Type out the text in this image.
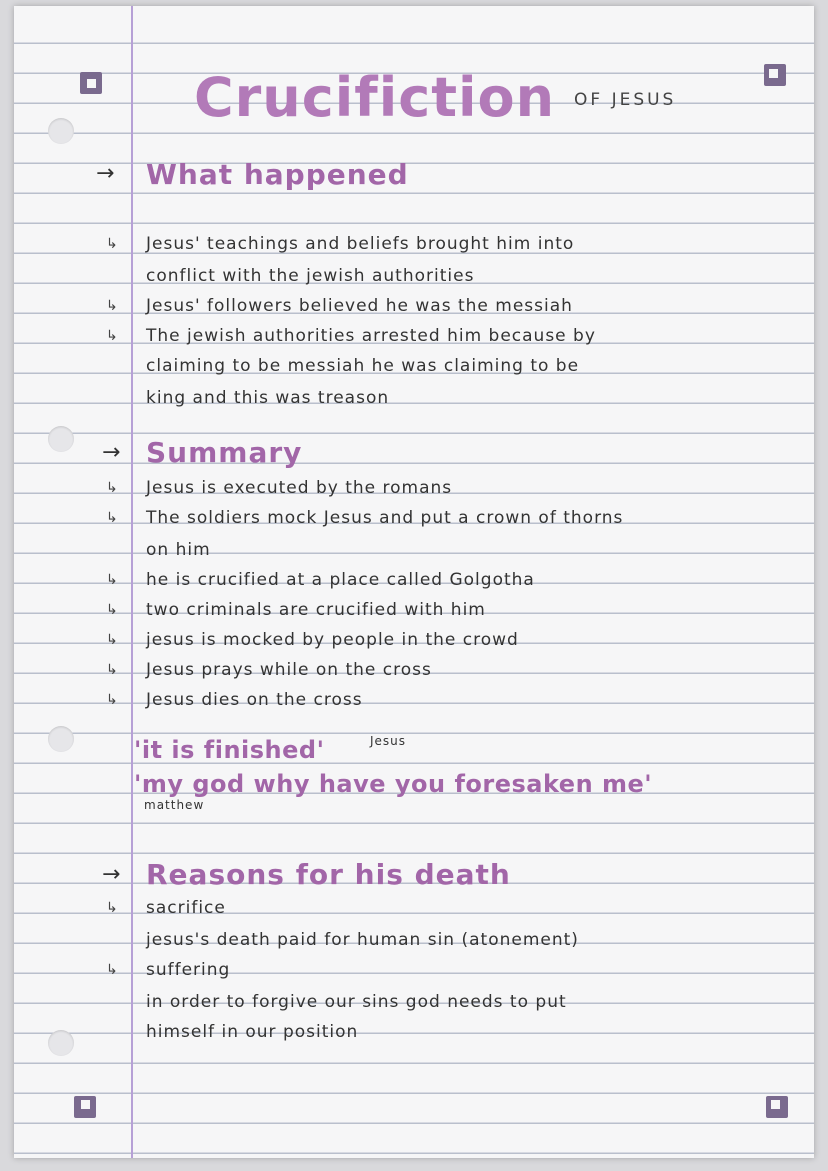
Crucifiction OF JESUS
→ What happened
↳ Jesus' teachings and beliefs brought him into
conflict with the jewish authorities
↳ Jesus' followers believed he was the messiah
↳ The jewish authorities arrested him because by
claiming to be messiah he was claiming to be
king and this was treason
→ Summary
↳ Jesus is executed by the romans
↳ The soldiers mock Jesus and put a crown of thorns
on him
↳ he is crucified at a place called Golgotha
↳ two criminals are crucified with him
↳ jesus is mocked by people in the crowd
↳ Jesus prays while on the cross
↳ Jesus dies on the cross
'it is finished'	Jesus
'my god why have you foresaken me'
matthew
→ Reasons for his death
↳ sacrifice
jesus's death paid for human sin (atonement)
↳ suffering
in order to forgive our sins god needs to put
himself in our position
